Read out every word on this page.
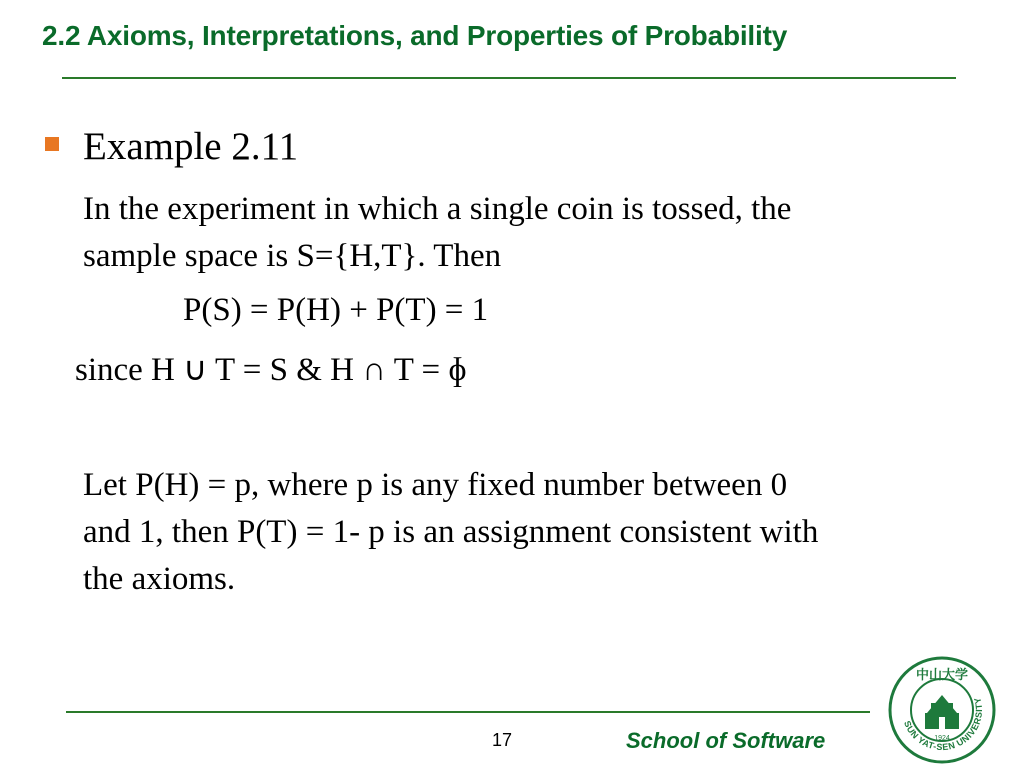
2.2 Axioms, Interpretations, and Properties of Probability
Example 2.11
In the experiment in which a single coin is tossed, the
sample space is S={H,T}. Then
P(S) = P(H) + P(T) = 1
since H ∪ T = S & H ∩ T = ɸ
Let P(H) = p, where p is any fixed number between 0
and 1, then P(T) = 1- p is an assignment consistent with
the axioms.
17	School of Software
中山大学
SUN YAT-SEN UNIVERSITY
1924
